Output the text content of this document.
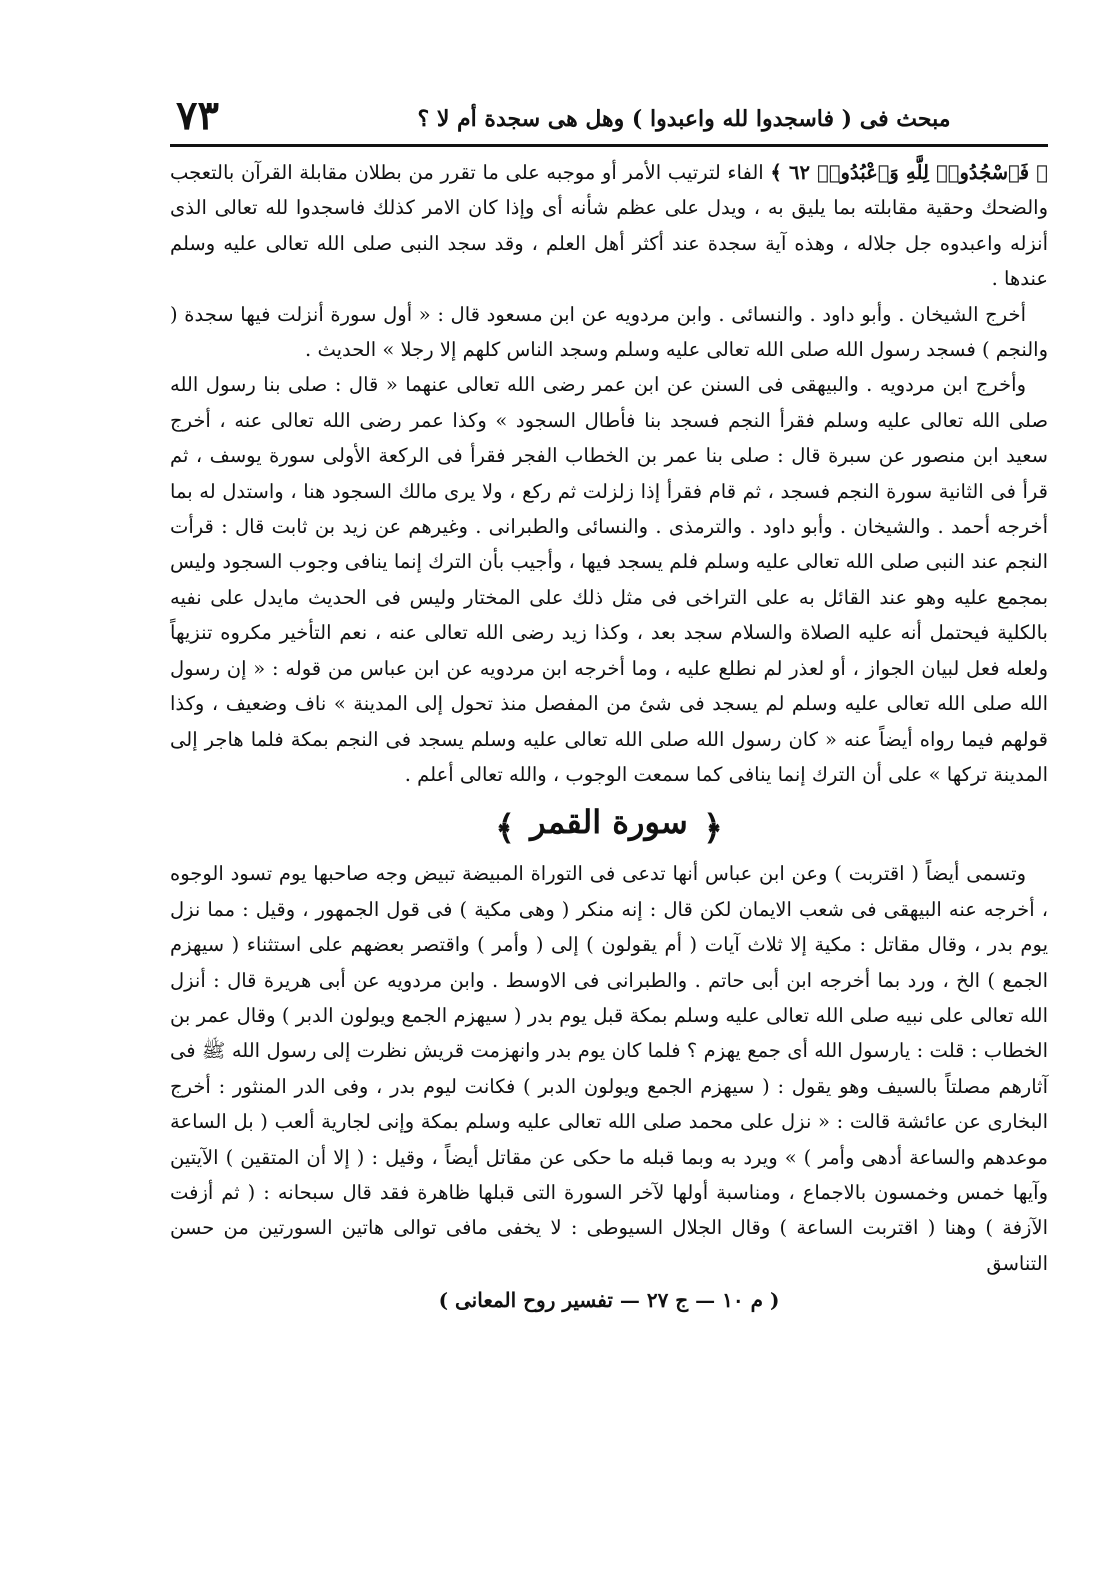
٧٣	مبحث فى ( فاسجدوا لله واعبدوا ) وهل هى سجدة أم لا ؟

﴿ فَٱسْجُدُوا۟ لِلَّهِ وَٱعْبُدُوا۟ ٦٢ ﴾ الفاء لترتيب الأمر أو موجبه على ما تقرر من بطلان مقابلة القرآن بالتعجب والضحك وحقية مقابلته بما يليق به ، ويدل على عظم شأنه أى وإذا كان الامر كذلك فاسجدوا لله تعالى الذى أنزله واعبدوه جل جلاله ، وهذه آية سجدة عند أكثر أهل العلم ، وقد سجد النبى صلى الله تعالى عليه وسلم عندها .

أخرج الشيخان . وأبو داود . والنسائى . وابن مردويه عن ابن مسعود قال : « أول سورة أنزلت فيها سجدة ( والنجم ) فسجد رسول الله صلى الله تعالى عليه وسلم وسجد الناس كلهم إلا رجلا » الحديث .

وأخرج ابن مردويه . والبيهقى فى السنن عن ابن عمر رضى الله تعالى عنهما « قال : صلى بنا رسول الله صلى الله تعالى عليه وسلم فقرأ النجم فسجد بنا فأطال السجود » وكذا عمر رضى الله تعالى عنه ، أخرج سعيد ابن منصور عن سبرة قال : صلى بنا عمر بن الخطاب الفجر فقرأ فى الركعة الأولى سورة يوسف ، ثم قرأ فى الثانية سورة النجم فسجد ، ثم قام فقرأ إذا زلزلت ثم ركع ، ولا يرى مالك السجود هنا ، واستدل له بما أخرجه أحمد . والشيخان . وأبو داود . والترمذى . والنسائى والطبرانى . وغيرهم عن زيد بن ثابت قال : قرأت النجم عند النبى صلى الله تعالى عليه وسلم فلم يسجد فيها ، وأجيب بأن الترك إنما ينافى وجوب السجود وليس بمجمع عليه وهو عند القائل به على التراخى فى مثل ذلك على المختار وليس فى الحديث مايدل على نفيه بالكلية فيحتمل أنه عليه الصلاة والسلام سجد بعد ، وكذا زيد رضى الله تعالى عنه ، نعم التأخير مكروه تنزيهاً ولعله فعل لبيان الجواز ، أو لعذر لم نطلع عليه ، وما أخرجه ابن مردويه عن ابن عباس من قوله : « إن رسول الله صلى الله تعالى عليه وسلم لم يسجد فى شئ من المفصل منذ تحول إلى المدينة » ناف وضعيف ، وكذا قولهم فيما رواه أيضاً عنه « كان رسول الله صلى الله تعالى عليه وسلم يسجد فى النجم بمكة فلما هاجر إلى المدينة تركها » على أن الترك إنما ينافى كما سمعت الوجوب ، والله تعالى أعلم .

﴿ سورة القمر ﴾

وتسمى أيضاً ( اقتربت ) وعن ابن عباس أنها تدعى فى التوراة المبيضة تبيض وجه صاحبها يوم تسود الوجوه ، أخرجه عنه البيهقى فى شعب الايمان لكن قال : إنه منكر ( وهى مكية ) فى قول الجمهور ، وقيل : مما نزل يوم بدر ، وقال مقاتل : مكية إلا ثلاث آيات ( أم يقولون ) إلى ( وأمر ) واقتصر بعضهم على استثناء ( سيهزم الجمع ) الخ ، ورد بما أخرجه ابن أبى حاتم . والطبرانى فى الاوسط . وابن مردويه عن أبى هريرة قال : أنزل الله تعالى على نبيه صلى الله تعالى عليه وسلم بمكة قبل يوم بدر ( سيهزم الجمع ويولون الدبر ) وقال عمر بن الخطاب : قلت : يارسول الله أى جمع يهزم ؟ فلما كان يوم بدر وانهزمت قريش نظرت إلى رسول الله ﷺ فى آثارهم مصلتاً بالسيف وهو يقول : ( سيهزم الجمع ويولون الدبر ) فكانت ليوم بدر ، وفى الدر المنثور : أخرج البخارى عن عائشة قالت : « نزل على محمد صلى الله تعالى عليه وسلم بمكة وإنى لجارية ألعب ( بل الساعة موعدهم والساعة أدهى وأمر ) » ويرد به وبما قبله ما حكى عن مقاتل أيضاً ، وقيل : ( إلا أن المتقين ) الآيتين وآيها خمس وخمسون بالاجماع ، ومناسبة أولها لآخر السورة التى قبلها ظاهرة فقد قال سبحانه : ( ثم أزفت الآزفة ) وهنا ( اقتربت الساعة ) وقال الجلال السيوطى : لا يخفى مافى توالى هاتين السورتين من حسن التناسق

( م ١٠ — ج ٢٧ — تفسير روح المعانى )
